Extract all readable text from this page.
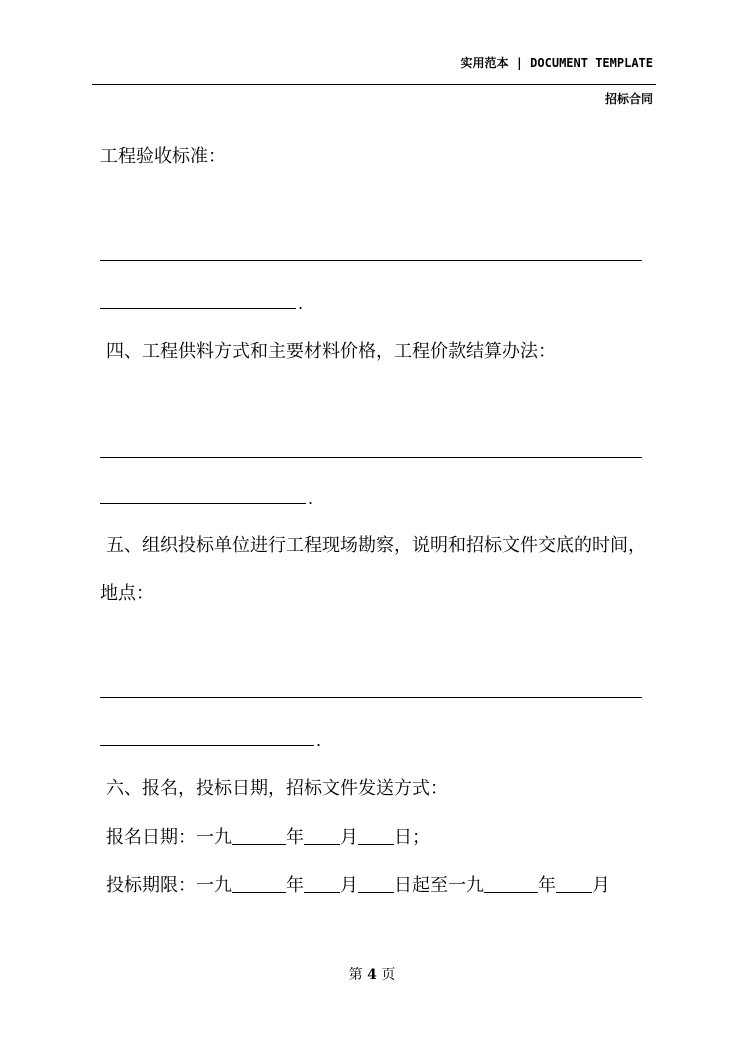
实用范本 | DOCUMENT TEMPLATE
招标合同
工程验收标准：
.
四、工程供料方式和主要材料价格，工程价款结算办法：
.
五、组织投标单位进行工程现场勘察，说明和招标文件交底的时间，
地点：
.
六、报名，投标日期，招标文件发送方式：
报名日期：一九	年 月 日；
投标期限：一九	年 月 日起至一九	年 月
第 4 页
